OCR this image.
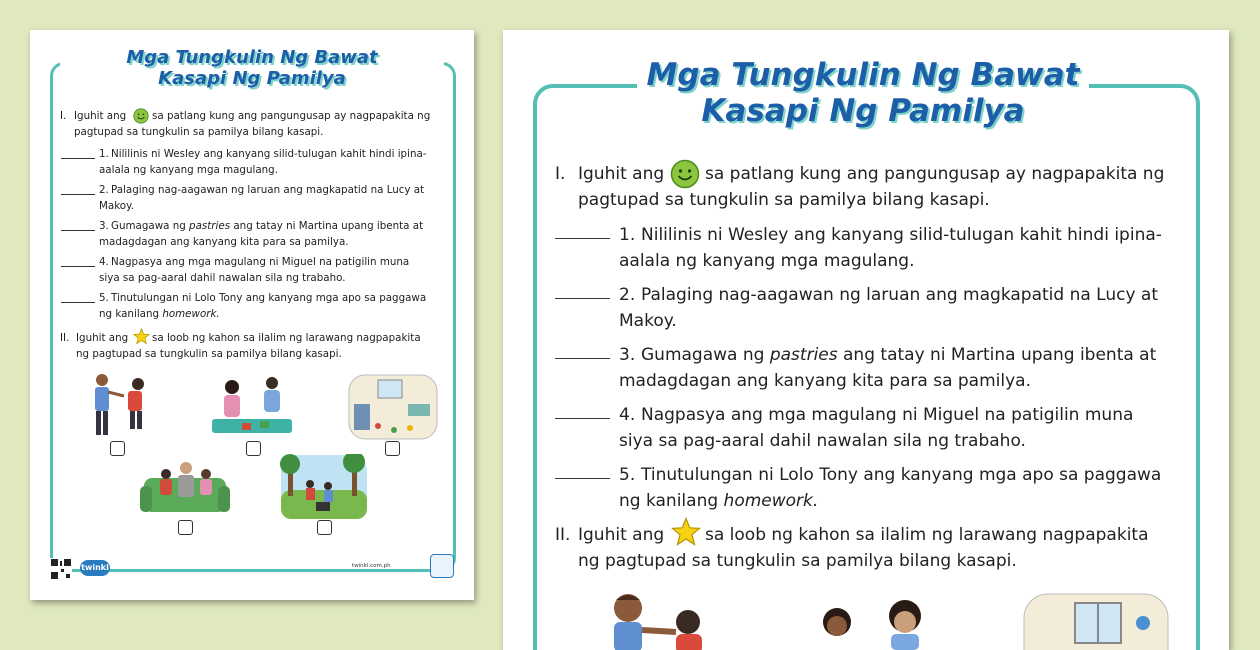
Mga Tungkulin Ng Bawat
Kasapi Ng Pamilya
I. Iguhit ang	sa patlang kung ang pangungusap ay nagpapakita ng
pagtupad sa tungkulin sa pamilya bilang kasapi.
1. Nililinis ni Wesley ang kanyang silid-tulugan kahit hindi ipina-
aalala ng kanyang mga magulang.
2. Palaging nag-aagawan ng laruan ang magkapatid na Lucy at
Makoy.
3. Gumagawa ng pastries ang tatay ni Martina upang ibenta at
madagdagan ang kanyang kita para sa pamilya.
4. Nagpasya ang mga magulang ni Miguel na patigilin muna
siya sa pag-aaral dahil nawalan sila ng trabaho.
5. Tinutulungan ni Lolo Tony ang kanyang mga apo sa paggawa
ng kanilang homework.
II. Iguhit ang sa loob ng kahon sa ilalim ng larawang nagpapakita
ng pagtupad sa tungkulin sa pamilya bilang kasapi.
twinkl	twinkl.com.ph
Mga Tungkulin Ng Bawat
Kasapi Ng Pamilya
I. Iguhit ang sa patlang kung ang pangungusap ay nagpapakita ng
pagtupad sa tungkulin sa pamilya bilang kasapi.
1. Nililinis ni Wesley ang kanyang silid-tulugan kahit hindi ipina-
aalala ng kanyang mga magulang.
2. Palaging nag-aagawan ng laruan ang magkapatid na Lucy at
Makoy.
3. Gumagawa ng pastries ang tatay ni Martina upang ibenta at
madagdagan ang kanyang kita para sa pamilya.
4. Nagpasya ang mga magulang ni Miguel na patigilin muna
siya sa pag-aaral dahil nawalan sila ng trabaho.
5. Tinutulungan ni Lolo Tony ang kanyang mga apo sa paggawa
ng kanilang homework.
II. Iguhit ang sa loob ng kahon sa ilalim ng larawang nagpapakita
ng pagtupad sa tungkulin sa pamilya bilang kasapi.
